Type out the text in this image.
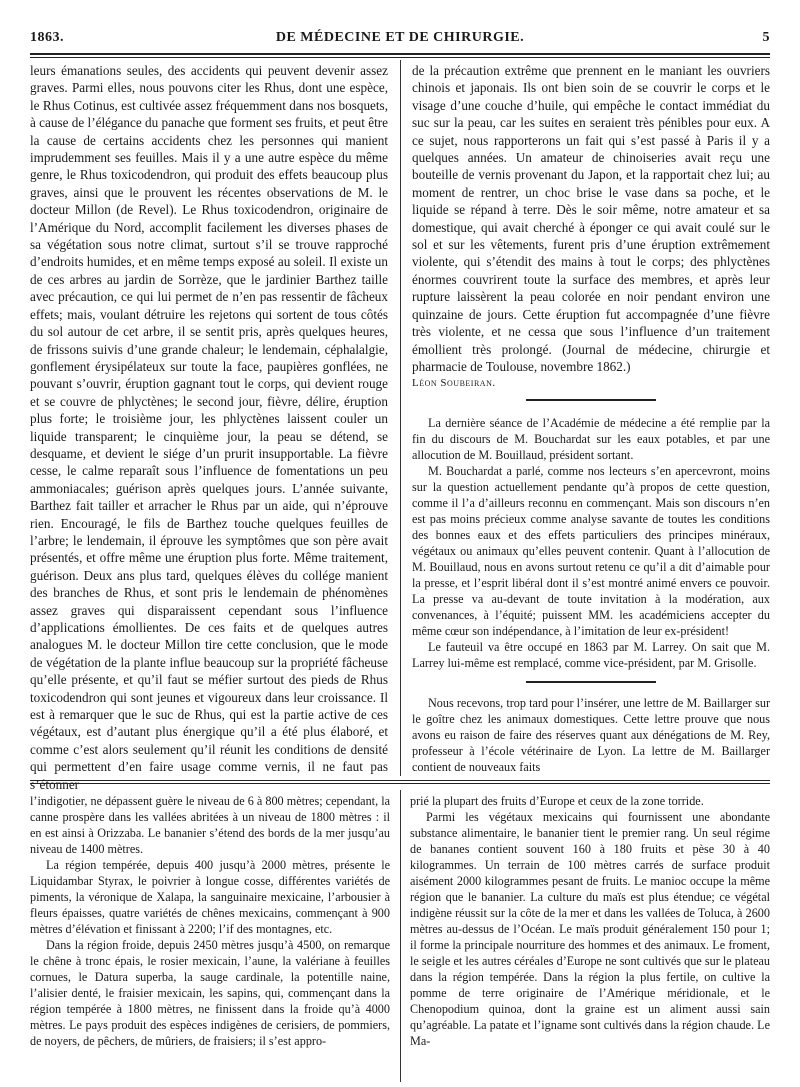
1863.	DE MÉDECINE ET DE CHIRURGIE.	5

leurs émanations seules, des accidents qui peuvent devenir assez graves. Parmi elles, nous pouvons citer les Rhus, dont une espèce, le Rhus Cotinus, est cultivée assez fréquemment dans nos bosquets, à cause de l’élégance du panache que forment ses fruits, et peut être la cause de certains accidents chez les personnes qui manient imprudemment ses feuilles. Mais il y a une autre espèce du même genre, le Rhus toxicodendron, qui produit des effets beaucoup plus graves, ainsi que le prouvent les récentes observations de M. le docteur Millon (de Revel). Le Rhus toxicodendron, originaire de l’Amérique du Nord, accomplit facilement les diverses phases de sa végétation sous notre climat, surtout s’il se trouve rapproché d’endroits humides, et en même temps exposé au soleil. Il existe un de ces arbres au jardin de Sorrèze, que le jardinier Barthez taille avec précaution, ce qui lui permet de n’en pas ressentir de fâcheux effets; mais, voulant détruire les rejetons qui sortent de tous côtés du sol autour de cet arbre, il se sentit pris, après quelques heures, de frissons suivis d’une grande chaleur; le lendemain, céphalalgie, gonflement érysipélateux sur toute la face, paupières gonflées, ne pouvant s’ouvrir, éruption gagnant tout le corps, qui devient rouge et se couvre de phlyctènes; le second jour, fièvre, délire, éruption plus forte; le troisième jour, les phlyctènes laissent couler un liquide transparent; le cinquième jour, la peau se détend, se desquame, et devient le siége d’un prurit insupportable. La fièvre cesse, le calme reparaît sous l’influence de fomentations un peu ammoniacales; guérison après quelques jours. L’année suivante, Barthez fait tailler et arracher le Rhus par un aide, qui n’éprouve rien. Encouragé, le fils de Barthez touche quelques feuilles de l’arbre; le lendemain, il éprouve les symptômes que son père avait présentés, et offre même une éruption plus forte. Même traitement, guérison. Deux ans plus tard, quelques élèves du collége manient des branches de Rhus, et sont pris le lendemain de phénomènes assez graves qui disparaissent cependant sous l’influence d’applications émollientes. De ces faits et de quelques autres analogues M. le docteur Millon tire cette conclusion, que le mode de végétation de la plante influe beaucoup sur la propriété fâcheuse qu’elle présente, et qu’il faut se méfier surtout des pieds de Rhus toxicodendron qui sont jeunes et vigoureux dans leur croissance. Il est à remarquer que le suc de Rhus, qui est la partie active de ces végétaux, est d’autant plus énergique qu’il a été plus élaboré, et comme c’est alors seulement qu’il réunit les conditions de densité qui permettent d’en faire usage comme vernis, il ne faut pas s’étonner

de la précaution extrême que prennent en le maniant les ouvriers chinois et japonais. Ils ont bien soin de se couvrir le corps et le visage d’une couche d’huile, qui empêche le contact immédiat du suc sur la peau, car les suites en seraient très pénibles pour eux. A ce sujet, nous rapporterons un fait qui s’est passé à Paris il y a quelques années. Un amateur de chinoiseries avait reçu une bouteille de vernis provenant du Japon, et la rapportait chez lui; au moment de rentrer, un choc brise le vase dans sa poche, et le liquide se répand à terre. Dès le soir même, notre amateur et sa domestique, qui avait cherché à éponger ce qui avait coulé sur le sol et sur les vêtements, furent pris d’une éruption extrêmement violente, qui s’étendit des mains à tout le corps; des phlyctènes énormes couvrirent toute la surface des membres, et après leur rupture laissèrent la peau colorée en noir pendant environ une quinzaine de jours. Cette éruption fut accompagnée d’une fièvre très violente, et ne cessa que sous l’influence d’un traitement émollient très prolongé. (Journal de médecine, chirurgie et pharmacie de Toulouse, novembre 1862.)

Léon Soubeiran.

La dernière séance de l’Académie de médecine a été remplie par la fin du discours de M. Bouchardat sur les eaux potables, et par une allocution de M. Bouillaud, président sortant.

M. Bouchardat a parlé, comme nos lecteurs s’en apercevront, moins sur la question actuellement pendante qu’à propos de cette question, comme il l’a d’ailleurs reconnu en commençant. Mais son discours n’en est pas moins précieux comme analyse savante de toutes les conditions des bonnes eaux et des effets particuliers des principes minéraux, végétaux ou animaux qu’elles peuvent contenir. Quant à l’allocution de M. Bouillaud, nous en avons surtout retenu ce qu’il a dit d’aimable pour la presse, et l’esprit libéral dont il s’est montré animé envers ce pouvoir. La presse va au-devant de toute invitation à la modération, aux convenances, à l’équité; puissent MM. les académiciens accepter du même cœur son indépendance, à l’imitation de leur ex-président!

Le fauteuil va être occupé en 1863 par M. Larrey. On sait que M. Larrey lui-même est remplacé, comme vice-président, par M. Grisolle.

Nous recevons, trop tard pour l’insérer, une lettre de M. Baillarger sur le goître chez les animaux domestiques. Cette lettre prouve que nous avons eu raison de faire des réserves quant aux dénégations de M. Rey, professeur à l’école vétérinaire de Lyon. La lettre de M. Baillarger contient de nouveaux faits

l’indigotier, ne dépassent guère le niveau de 6 à 800 mètres; cependant, la canne prospère dans les vallées abritées à un niveau de 1800 mètres : il en est ainsi à Orizzaba. Le bananier s’étend des bords de la mer jusqu’au niveau de 1400 mètres.

La région tempérée, depuis 400 jusqu’à 2000 mètres, présente le Liquidambar Styrax, le poivrier à longue cosse, différentes variétés de piments, la véronique de Xalapa, la sanguinaire mexicaine, l’arbousier à fleurs épaisses, quatre variétés de chênes mexicains, commençant à 900 mètres d’élévation et finissant à 2200; l’if des montagnes, etc.

Dans la région froide, depuis 2450 mètres jusqu’à 4500, on remarque le chêne à tronc épais, le rosier mexicain, l’aune, la valériane à feuilles cornues, le Datura superba, la sauge cardinale, la potentille naine, l’alisier denté, le fraisier mexicain, les sapins, qui, commençant dans la région tempérée à 1800 mètres, ne finissent dans la froide qu’à 4000 mètres. Le pays produit des espèces indigènes de cerisiers, de pommiers, de noyers, de pêchers, de mûriers, de fraisiers; il s’est appro-

prié la plupart des fruits d’Europe et ceux de la zone torride.

Parmi les végétaux mexicains qui fournissent une abondante substance alimentaire, le bananier tient le premier rang. Un seul régime de bananes contient souvent 160 à 180 fruits et pèse 30 à 40 kilogrammes. Un terrain de 100 mètres carrés de surface produit aisément 2000 kilogrammes pesant de fruits. Le manioc occupe la même région que le bananier. La culture du maïs est plus étendue; ce végétal indigène réussit sur la côte de la mer et dans les vallées de Toluca, à 2600 mètres au-dessus de l’Océan. Le maïs produit généralement 150 pour 1; il forme la principale nourriture des hommes et des animaux. Le froment, le seigle et les autres céréales d’Europe ne sont cultivés que sur le plateau dans la région tempérée. Dans la région la plus fertile, on cultive la pomme de terre originaire de l’Amérique méridionale, et le Chenopodium quinoa, dont la graine est un aliment aussi sain qu’agréable. La patate et l’igname sont cultivés dans la région chaude. Le Ma-
